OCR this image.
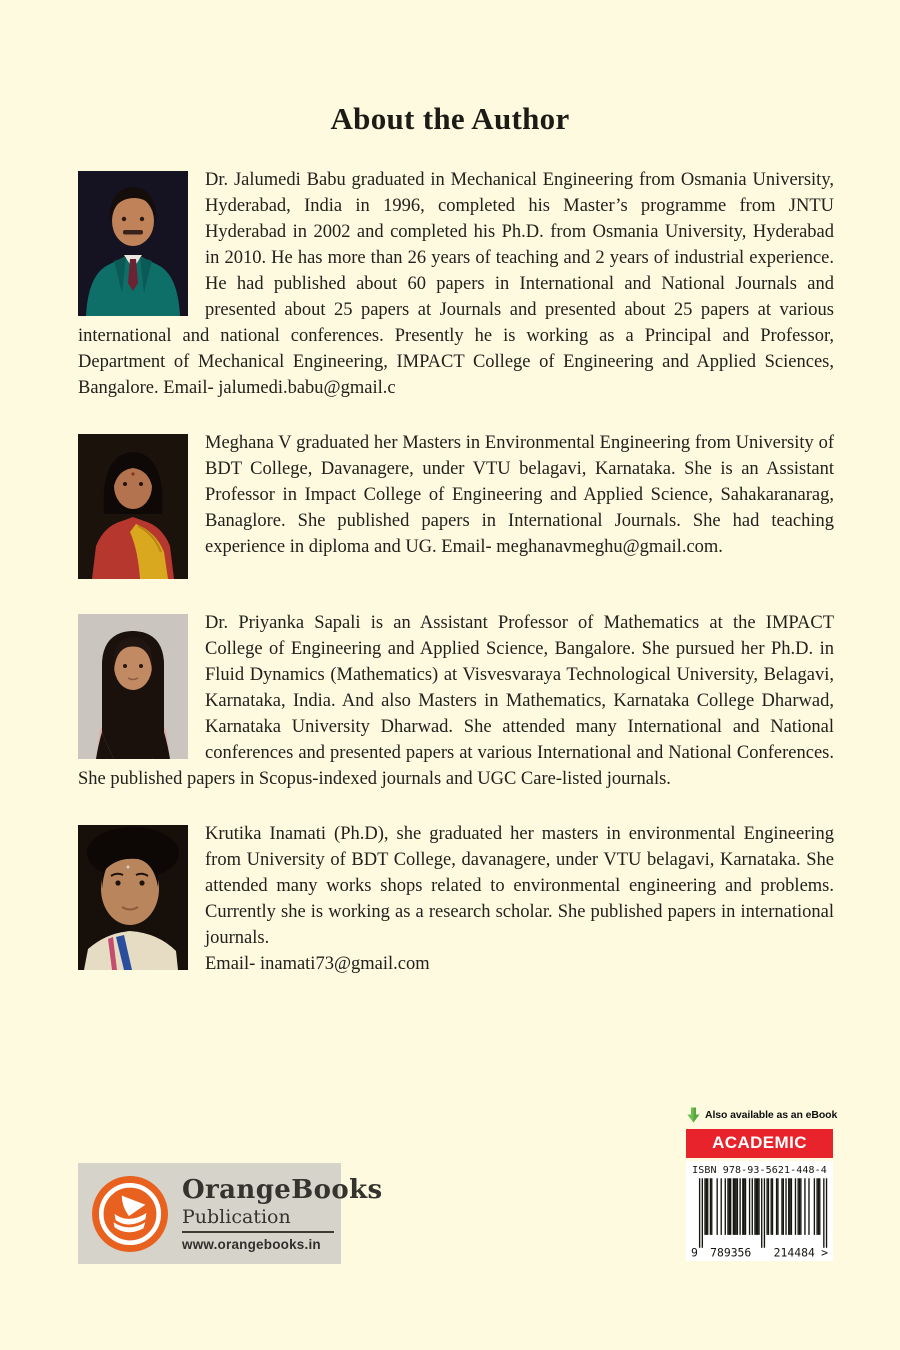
About the Author

Dr. Jalumedi Babu graduated in Mechanical Engineering from Osmania University, Hyderabad, India in 1996, completed his Master’s programme from JNTU Hyderabad in 2002 and completed his Ph.D. from Osmania University, Hyderabad in 2010. He has more than 26 years of teaching and 2 years of industrial experience. He had published about 60 papers in International and National Journals and presented about 25 papers at Journals and presented about 25 papers at various international and national conferences. Presently he is working as a Principal and Professor, Department of Mechanical Engineering, IMPACT College of Engineering and Applied Sciences, Bangalore. Email- jalumedi.babu@gmail.c

Meghana V graduated her Masters in Environmental Engineering from University of BDT College, Davanagere, under VTU belagavi, Karnataka. She is an Assistant Professor in Impact College of Engineering and Applied Science, Sahakaranarag, Banaglore. She published papers in International Journals. She had teaching experience in diploma and UG. Email- meghanavmeghu@gmail.com.

Dr. Priyanka Sapali is an Assistant Professor of Mathematics at the IMPACT College of Engineering and Applied Science, Bangalore. She pursued her Ph.D. in Fluid Dynamics (Mathematics) at Visvesvaraya Technological University, Belagavi, Karnataka, India. And also Masters in Mathematics, Karnataka College Dharwad, Karnataka University Dharwad. She attended many International and National conferences and presented papers at various International and National Conferences. She published papers in Scopus-indexed journals and UGC Care-listed journals.

Krutika Inamati (Ph.D), she graduated her masters in environmental Engineering from University of BDT College, davanagere, under VTU belagavi, Karnataka. She attended many works shops related to environmental engineering and problems. Currently she is working as a research scholar. She published papers in international journals.

Email- inamati73@gmail.com
OrangeBooks
Publication
www.orangebooks.in
Also available as an eBook
ACADEMIC
ISBN 978-93-5621-448-4
9 789356 214484 >
